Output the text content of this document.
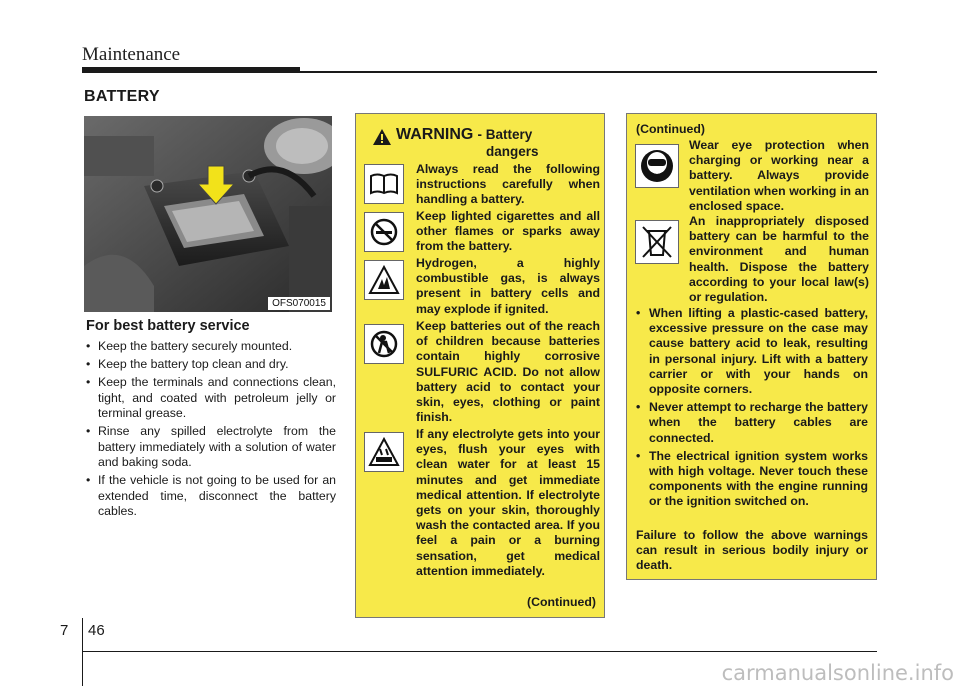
Maintenance
BATTERY
OFS070015
For best battery service
• Keep the battery securely mounted.
• Keep the battery top clean and dry.
• Keep the terminals and connections clean, tight, and coated with petroleum jelly or terminal grease.
• Rinse any spilled electrolyte from the battery immediately with a solution of water and baking soda.
• If the vehicle is not going to be used for an extended time, disconnect the battery cables.
WARNING - Battery
dangers
Always read the following instructions carefully when handling a battery.
Keep lighted cigarettes and all other flames or sparks away from the battery.
Hydrogen, a highly combustible gas, is always present in battery cells and may explode if ignited.
Keep batteries out of the reach of children because batteries contain highly corrosive SULFURIC ACID. Do not allow battery acid to contact your skin, eyes, clothing or paint finish.
If any electrolyte gets into your eyes, flush your eyes with clean water for at least 15 minutes and get immediate medical attention. If electrolyte gets on your skin, thoroughly wash the contacted area. If you feel a pain or a burning sensation, get medical attention immediately.
(Continued)
(Continued)
Wear eye protection when charging or working near a battery. Always provide ventilation when working in an enclosed space.
An inappropriately disposed battery can be harmful to the environment and human health. Dispose the battery according to your local law(s) or regulation.
• When lifting a plastic-cased battery, excessive pressure on the case may cause battery acid to leak, resulting in personal injury. Lift with a battery carrier or with your hands on opposite corners.
• Never attempt to recharge the battery when the battery cables are connected.
• The electrical ignition system works with high voltage. Never touch these components with the engine running or the ignition switched on.
Failure to follow the above warnings can result in serious bodily injury or death.
7 46
carmanualsonline.info
